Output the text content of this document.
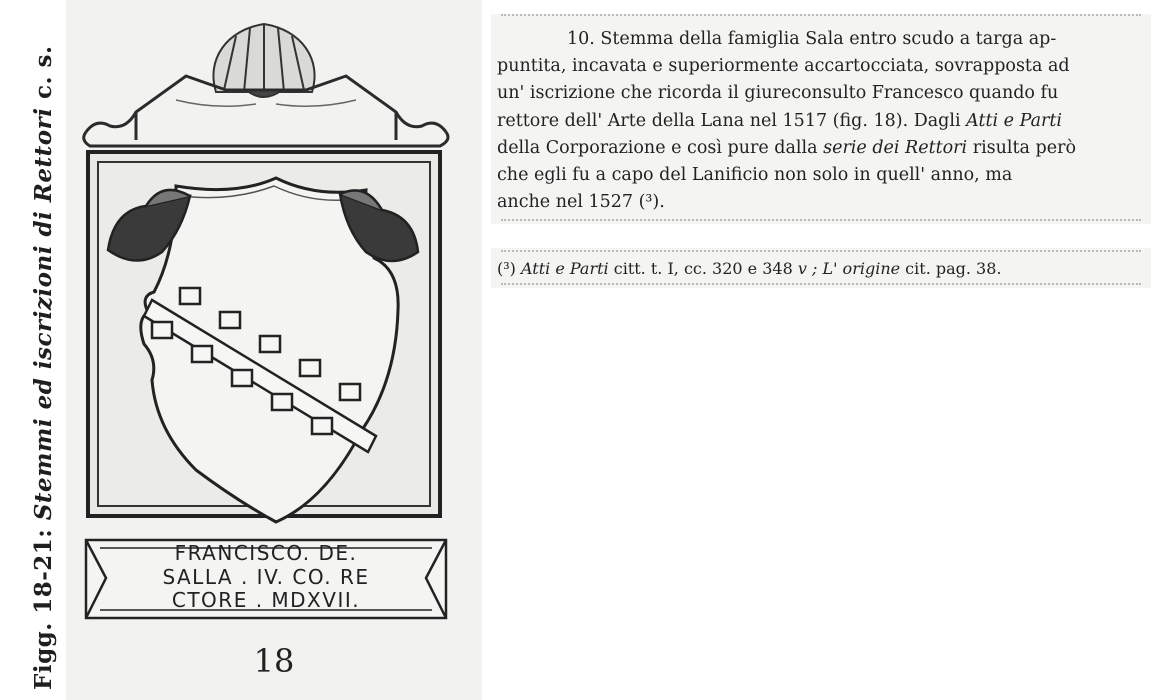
Figg. 18-21: Stemmi ed iscrizioni di Rettori c. s.
FRANCISCO. DE.
SALLA . IV. CO. RE
CTORE . MDXVII.
18
10. Stemma della famiglia Sala entro scudo a targa ap-
puntita, incavata e superiormente accartocciata, sovrapposta ad
un' iscrizione che ricorda il giureconsulto Francesco quando fu
rettore dell' Arte della Lana nel 1517 (fig. 18). Dagli Atti e Parti
della Corporazione e così pure dalla serie dei Rettori risulta però
che egli fu a capo del Lanificio non solo in quell' anno, ma
anche nel 1527 (³).
(³) Atti e Parti citt. t. I, cc. 320 e 348 v ; L' origine cit. pag. 38.
